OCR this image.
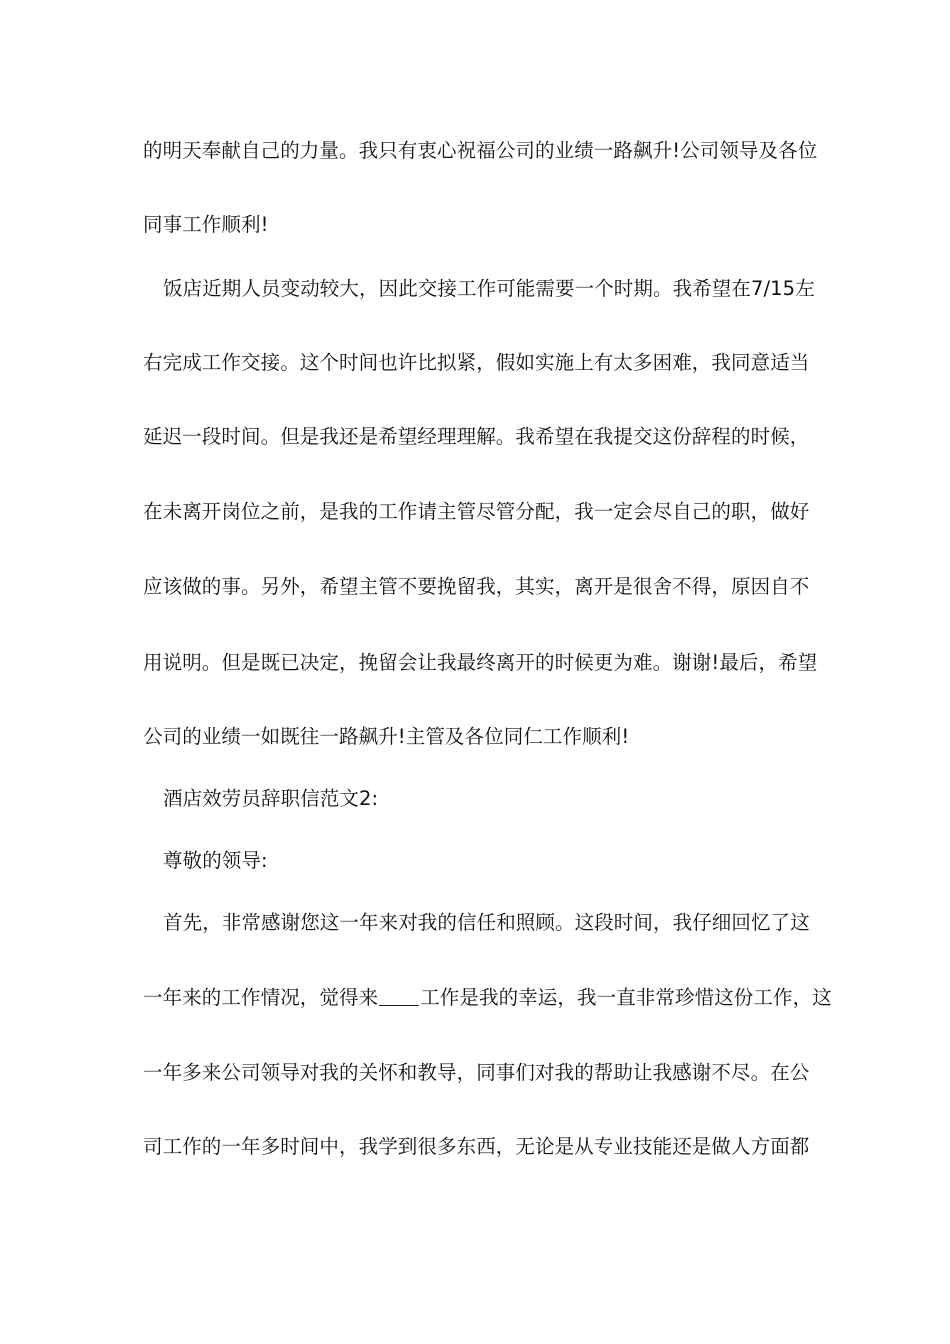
的明天奉献自己的力量。我只有衷心祝福公司的业绩一路飙升!公司领导及各位
同事工作顺利!
饭店近期人员变动较大，因此交接工作可能需要一个时期。我希望在7/15左
右完成工作交接。这个时间也许比拟紧，假如实施上有太多困难，我同意适当
延迟一段时间。但是我还是希望经理理解。我希望在我提交这份辞程的时候，
在未离开岗位之前，是我的工作请主管尽管分配，我一定会尽自己的职，做好
应该做的事。另外，希望主管不要挽留我，其实，离开是很舍不得，原因自不
用说明。但是既已决定，挽留会让我最终离开的时候更为难。谢谢!最后，希望
公司的业绩一如既往一路飙升!主管及各位同仁工作顺利!
酒店效劳员辞职信范文2:
尊敬的领导:
首先，非常感谢您这一年来对我的信任和照顾。这段时间，我仔细回忆了这
一年来的工作情况，觉得来 工作是我的幸运，我一直非常珍惜这份工作，这
一年多来公司领导对我的关怀和教导，同事们对我的帮助让我感谢不尽。在公
司工作的一年多时间中，我学到很多东西，无论是从专业技能还是做人方面都
